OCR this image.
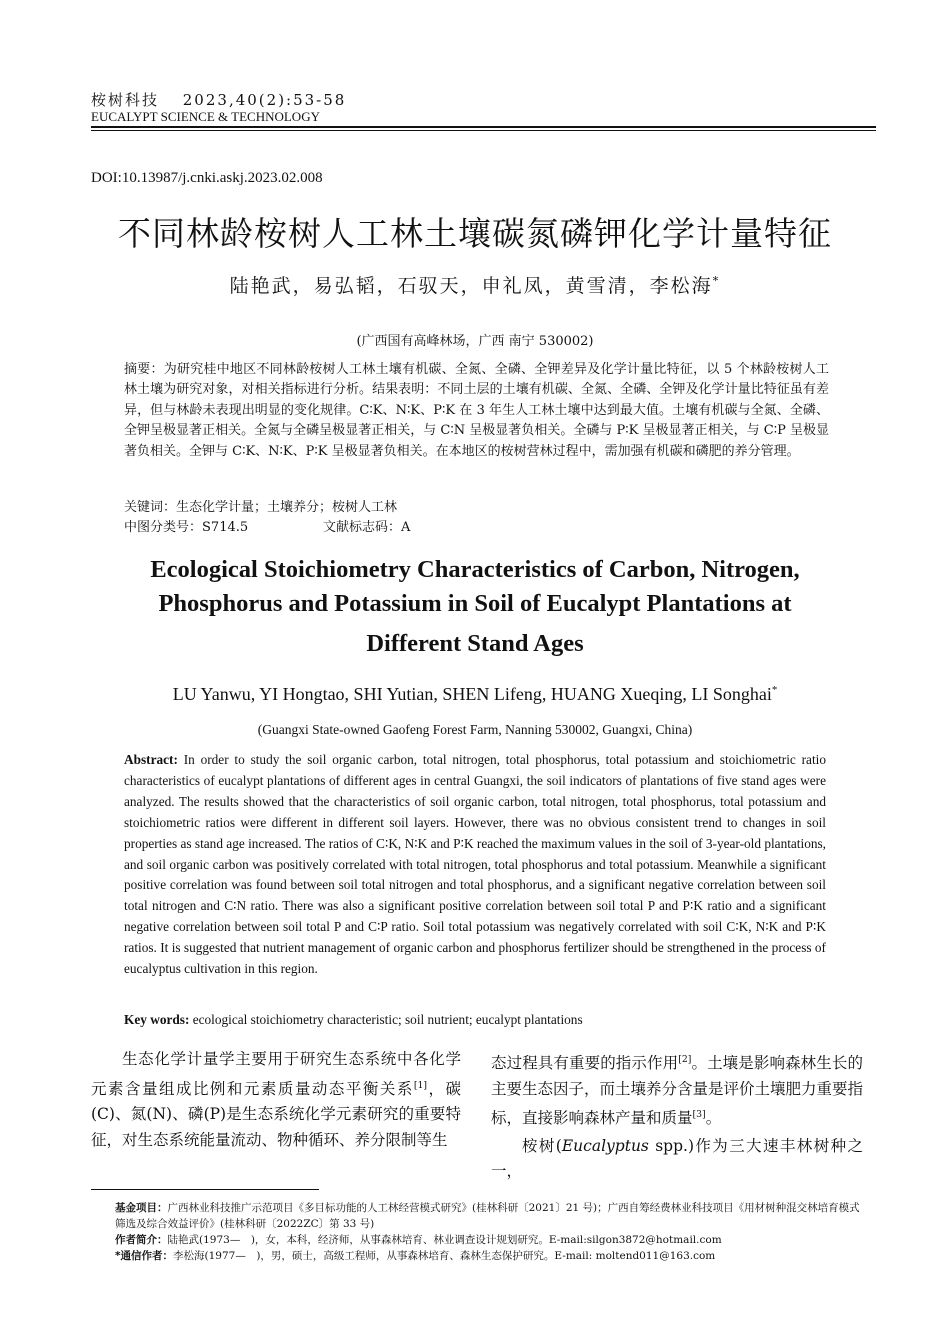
桉树科技　 2023,40(2):53-58
EUCALYPT SCIENCE & TECHNOLOGY
DOI:10.13987/j.cnki.askj.2023.02.008
不同林龄桉树人工林土壤碳氮磷钾化学计量特征
陆艳武，易弘韬，石驭天，申礼凤，黄雪清，李松海*
(广西国有高峰林场，广西 南宁 530002)
摘要：为研究桂中地区不同林龄桉树人工林土壤有机碳、全氮、全磷、全钾差异及化学计量比特征，以 5 个林龄桉树人工林土壤为研究对象，对相关指标进行分析。结果表明：不同土层的土壤有机碳、全氮、全磷、全钾及化学计量比特征虽有差异，但与林龄未表现出明显的变化规律。C∶K、N∶K、P∶K 在 3 年生人工林土壤中达到最大值。土壤有机碳与全氮、全磷、全钾呈极显著正相关。全氮与全磷呈极显著正相关，与 C∶N 呈极显著负相关。全磷与 P∶K 呈极显著正相关，与 C∶P 呈极显著负相关。全钾与 C∶K、N∶K、P∶K 呈极显著负相关。在本地区的桉树营林过程中，需加强有机碳和磷肥的养分管理。
关键词：生态化学计量；土壤养分；桉树人工林
中图分类号：S714.5	文献标志码：A
Ecological Stoichiometry Characteristics of Carbon, Nitrogen,
Phosphorus and Potassium in Soil of Eucalypt Plantations at
Different Stand Ages
LU Yanwu, YI Hongtao, SHI Yutian, SHEN Lifeng, HUANG Xueqing, LI Songhai*
(Guangxi State-owned Gaofeng Forest Farm, Nanning 530002, Guangxi, China)
Abstract: In order to study the soil organic carbon, total nitrogen, total phosphorus, total potassium and stoichiometric ratio characteristics of eucalypt plantations of different ages in central Guangxi, the soil indicators of plantations of five stand ages were analyzed. The results showed that the characteristics of soil organic carbon, total nitrogen, total phosphorus, total potassium and stoichiometric ratios were different in different soil layers. However, there was no obvious consistent trend to changes in soil properties as stand age increased. The ratios of C∶K, N∶K and P∶K reached the maximum values in the soil of 3-year-old plantations, and soil organic carbon was positively correlated with total nitrogen, total phosphorus and total potassium. Meanwhile a significant positive correlation was found between soil total nitrogen and total phosphorus, and a significant negative correlation between soil total nitrogen and C∶N ratio. There was also a significant positive correlation between soil total P and P∶K ratio and a significant negative correlation between soil total P and C∶P ratio. Soil total potassium was negatively correlated with soil C∶K, N∶K and P∶K ratios. It is suggested that nutrient management of organic carbon and phosphorus fertilizer should be strengthened in the process of eucalyptus cultivation in this region.
Key words: ecological stoichiometry characteristic; soil nutrient; eucalypt plantations
生态化学计量学主要用于研究生态系统中各化学元素含量组成比例和元素质量动态平衡关系[1]，碳(C)、氮(N)、磷(P)是生态系统化学元素研究的重要特征，对生态系统能量流动、物种循环、养分限制等生
态过程具有重要的指示作用[2]。土壤是影响森林生长的主要生态因子，而土壤养分含量是评价土壤肥力重要指标，直接影响森林产量和质量[3]。
桉树(Eucalyptus spp.)作为三大速丰林树种之一，
基金项目：广西林业科技推广示范项目《多目标功能的人工林经营模式研究》(桂林科研〔2021〕21 号)；广西自筹经费林业科技项目《用材树种混交林培育模式筛选及综合效益评价》(桂林科研〔2022ZC〕第 33 号)
作者简介：陆艳武(1973—　)，女，本科，经济师，从事森林培育、林业调查设计规划研究。E-mail:silgon3872@hotmail.com
*通信作者：李松海(1977—　)，男，硕士，高级工程师，从事森林培育、森林生态保护研究。E-mail: moltend011@163.com
